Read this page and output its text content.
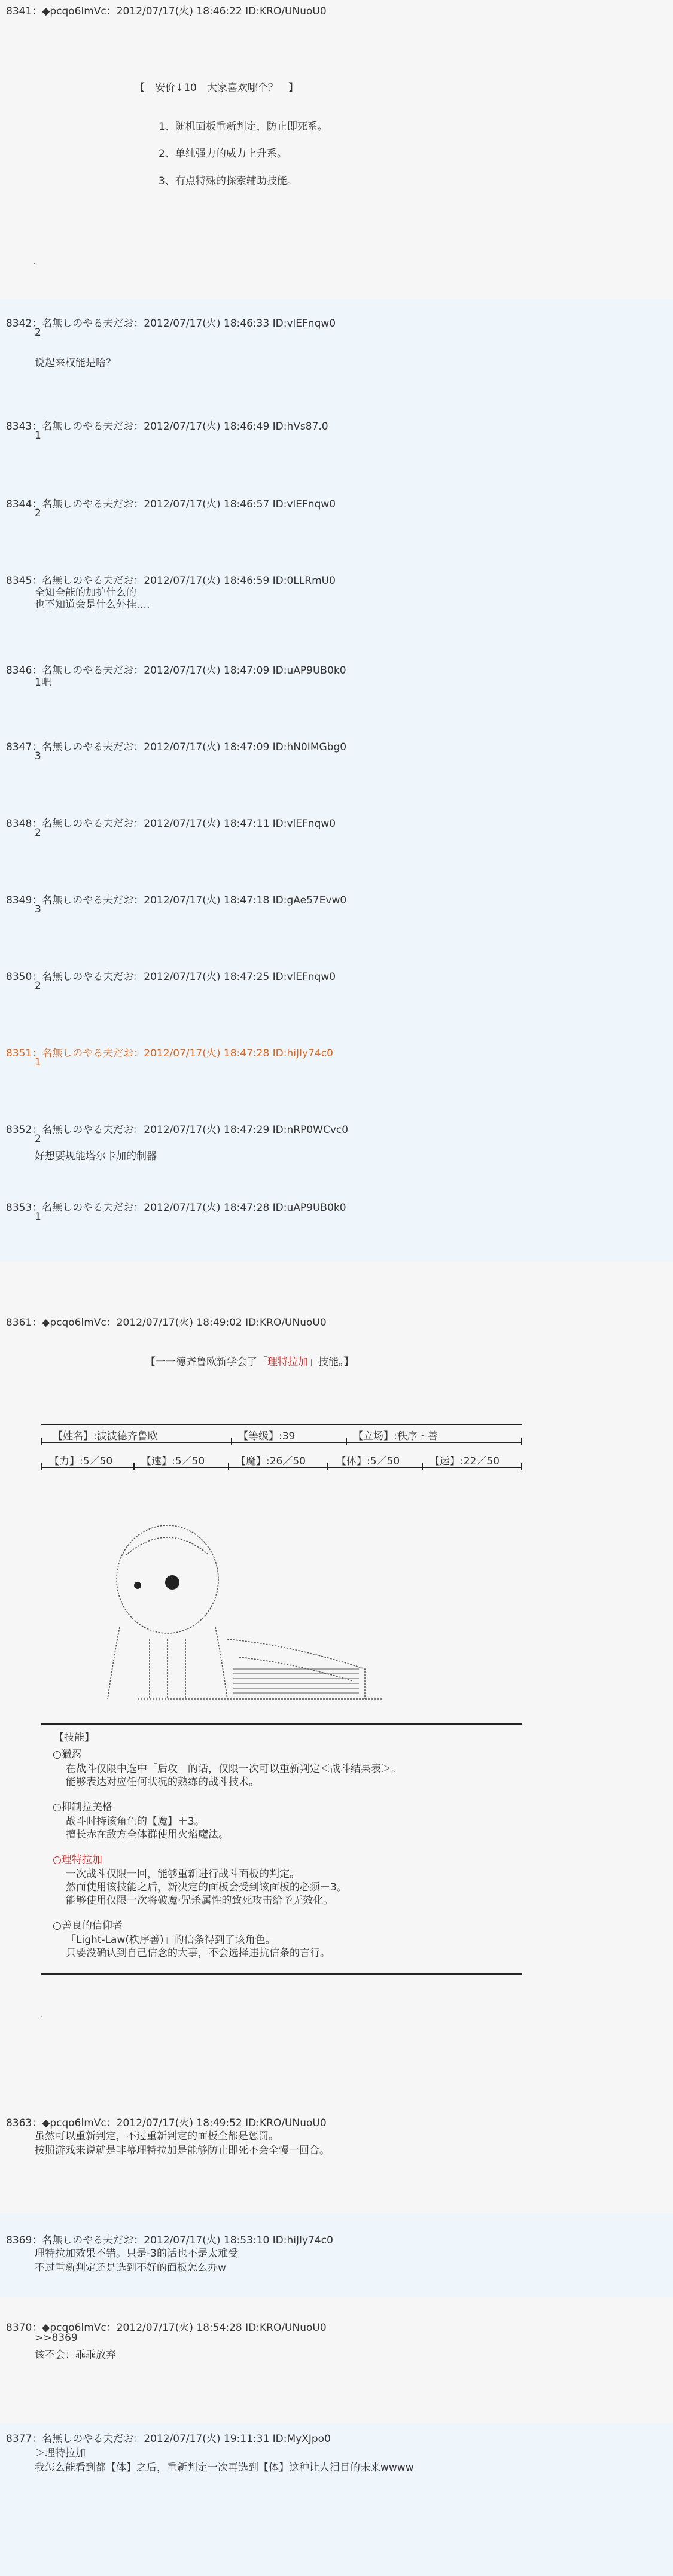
8341：◆pcqo6lmVc：2012/07/17(火) 18:46:22 ID:KRO/UNuoU0
【　安价↓10　大家喜欢哪个？　】
1、随机面板重新判定，防止即死系。
2、单纯强力的威力上升系。
3、有点特殊的探索辅助技能。
.
8342：名無しのやる夫だお：2012/07/17(火) 18:46:33 ID:vlEFnqw0
2
说起来权能是啥？
8343：名無しのやる夫だお：2012/07/17(火) 18:46:49 ID:hVs87.0
1
8344：名無しのやる夫だお：2012/07/17(火) 18:46:57 ID:vlEFnqw0
2
8345：名無しのやる夫だお：2012/07/17(火) 18:46:59 ID:0LLRmU0
全知全能的加护什么的
也不知道会是什么外挂‥‥
8346：名無しのやる夫だお：2012/07/17(火) 18:47:09 ID:uAP9UB0k0
1吧
8347：名無しのやる夫だお：2012/07/17(火) 18:47:09 ID:hN0IMGbg0
3
8348：名無しのやる夫だお：2012/07/17(火) 18:47:11 ID:vlEFnqw0
2
8349：名無しのやる夫だお：2012/07/17(火) 18:47:18 ID:gAe57Evw0
3
8350：名無しのやる夫だお：2012/07/17(火) 18:47:25 ID:vlEFnqw0
2
8351：名無しのやる夫だお：2012/07/17(火) 18:47:28 ID:hiJIy74c0
1
8352：名無しのやる夫だお：2012/07/17(火) 18:47:29 ID:nRP0WCvc0
2
好想要规能塔尔卡加的制器
8353：名無しのやる夫だお：2012/07/17(火) 18:47:28 ID:uAP9UB0k0
1
8361：◆pcqo6lmVc：2012/07/17(火) 18:49:02 ID:KRO/UNuoU0
【一一德齐鲁欧新学会了「理特拉加」技能。】
【姓名】:波波德齐鲁欧	【等级】:39	【立场】:秩序・善
【力】:5／50	【速】:5／50	【魔】:26／50	【体】:5／50	【运】:22／50
【技能】
○獵忍
在战斗仅限中选中「后攻」的话，仅限一次可以重新判定＜战斗结果表＞。
能够表达对应任何状况的熟练的战斗技术。
○抑制拉美格
战斗时持该角色的【魔】＋3。
擅长赤在敌方全体群使用火焰魔法。
○理特拉加
一次战斗仅限一回，能够重新进行战斗面板的判定。
然而使用该技能之后，新决定的面板会受到该面板的必须－3。
能够使用仅限一次将破魔·咒杀属性的致死攻击给予无效化。
○善良的信仰者
「Light-Law(秩序善)」的信条得到了该角色。
只要没确认到自己信念的大事，不会选择违抗信条的言行。
.
8363：◆pcqo6lmVc：2012/07/17(火) 18:49:52 ID:KRO/UNuoU0
虽然可以重新判定，不过重新判定的面板全都是惩罚。
按照游戏来说就是非幕理特拉加是能够防止即死不会全慢一回合。
8369：名無しのやる夫だお：2012/07/17(火) 18:53:10 ID:hiJIy74c0
理特拉加效果不错。只是-3的话也不是太难受
不过重新判定还是选到不好的面板怎么办w
8370：◆pcqo6lmVc：2012/07/17(火) 18:54:28 ID:KRO/UNuoU0
>>8369
该不会：乖乖放弃
8377：名無しのやる夫だお：2012/07/17(火) 19:11:31 ID:MyXJpo0
＞理特拉加
我怎么能看到都【体】之后，重新判定一次再选到【体】这种让人泪目的未来wwww
